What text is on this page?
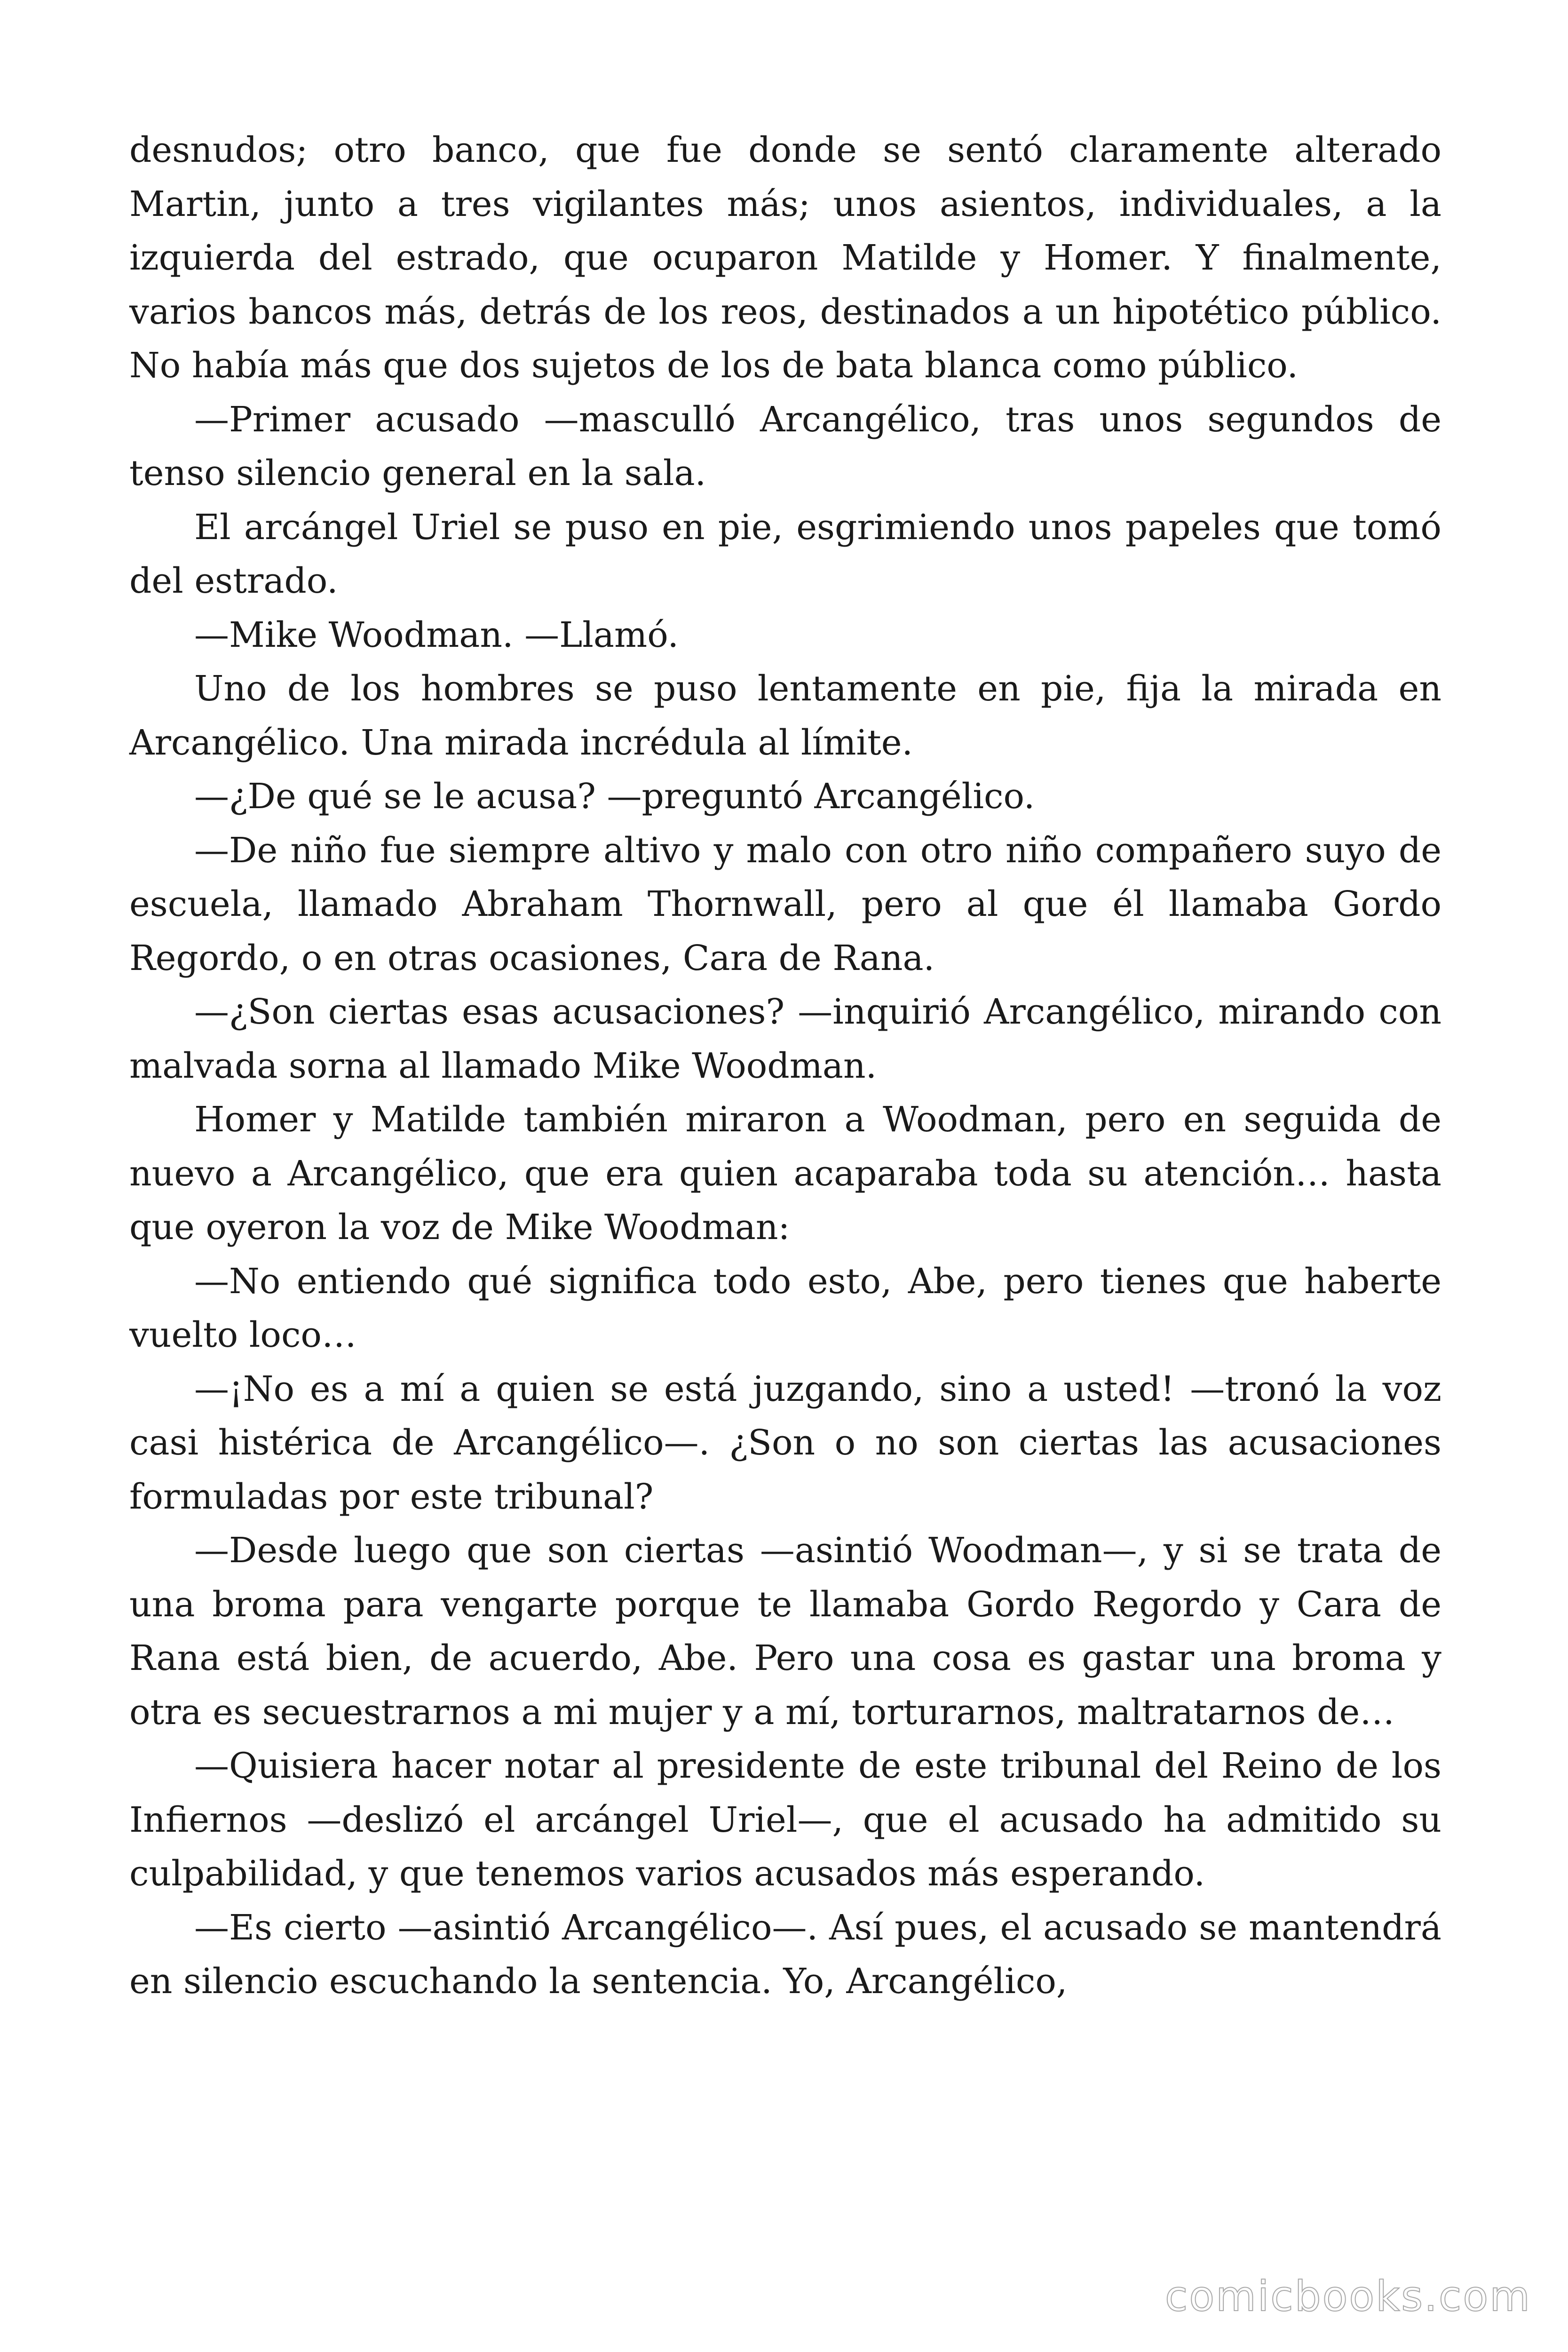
desnudos; otro banco, que fue donde se sentó claramente alterado Martin, junto a tres vigilantes más; unos asientos, individuales, a la izquierda del estrado, que ocuparon Matilde y Homer. Y finalmente, varios bancos más, detrás de los reos, destinados a un hipotético público. No había más que dos sujetos de los de bata blanca como público.

—Primer acusado —masculló Arcangélico, tras unos segundos de tenso silencio general en la sala.

El arcángel Uriel se puso en pie, esgrimiendo unos papeles que tomó del estrado.

—Mike Woodman. —Llamó.

Uno de los hombres se puso lentamente en pie, fija la mirada en Arcangélico. Una mirada incrédula al límite.

—¿De qué se le acusa? —preguntó Arcangélico.

—De niño fue siempre altivo y malo con otro niño compañero suyo de escuela, llamado Abraham Thornwall, pero al que él llamaba Gordo Regordo, o en otras ocasiones, Cara de Rana.

—¿Son ciertas esas acusaciones? —inquirió Arcangélico, mirando con malvada sorna al llamado Mike Woodman.

Homer y Matilde también miraron a Woodman, pero en seguida de nuevo a Arcangélico, que era quien acaparaba toda su atención… hasta que oyeron la voz de Mike Woodman:

—No entiendo qué significa todo esto, Abe, pero tienes que haberte vuelto loco…

—¡No es a mí a quien se está juzgando, sino a usted! —tronó la voz casi histérica de Arcangélico—. ¿Son o no son ciertas las acusaciones formuladas por este tribunal?

—Desde luego que son ciertas —asintió Woodman—, y si se trata de una broma para vengarte porque te llamaba Gordo Regordo y Cara de Rana está bien, de acuerdo, Abe. Pero una cosa es gastar una broma y otra es secuestrarnos a mi mujer y a mí, torturarnos, maltratarnos de…

—Quisiera hacer notar al presidente de este tribunal del Reino de los Infiernos —deslizó el arcángel Uriel—, que el acusado ha admitido su culpabilidad, y que tenemos varios acusados más esperando.

—Es cierto —asintió Arcangélico—. Así pues, el acusado se mantendrá en silencio escuchando la sentencia. Yo, Arcangélico,

comicbooks.com
